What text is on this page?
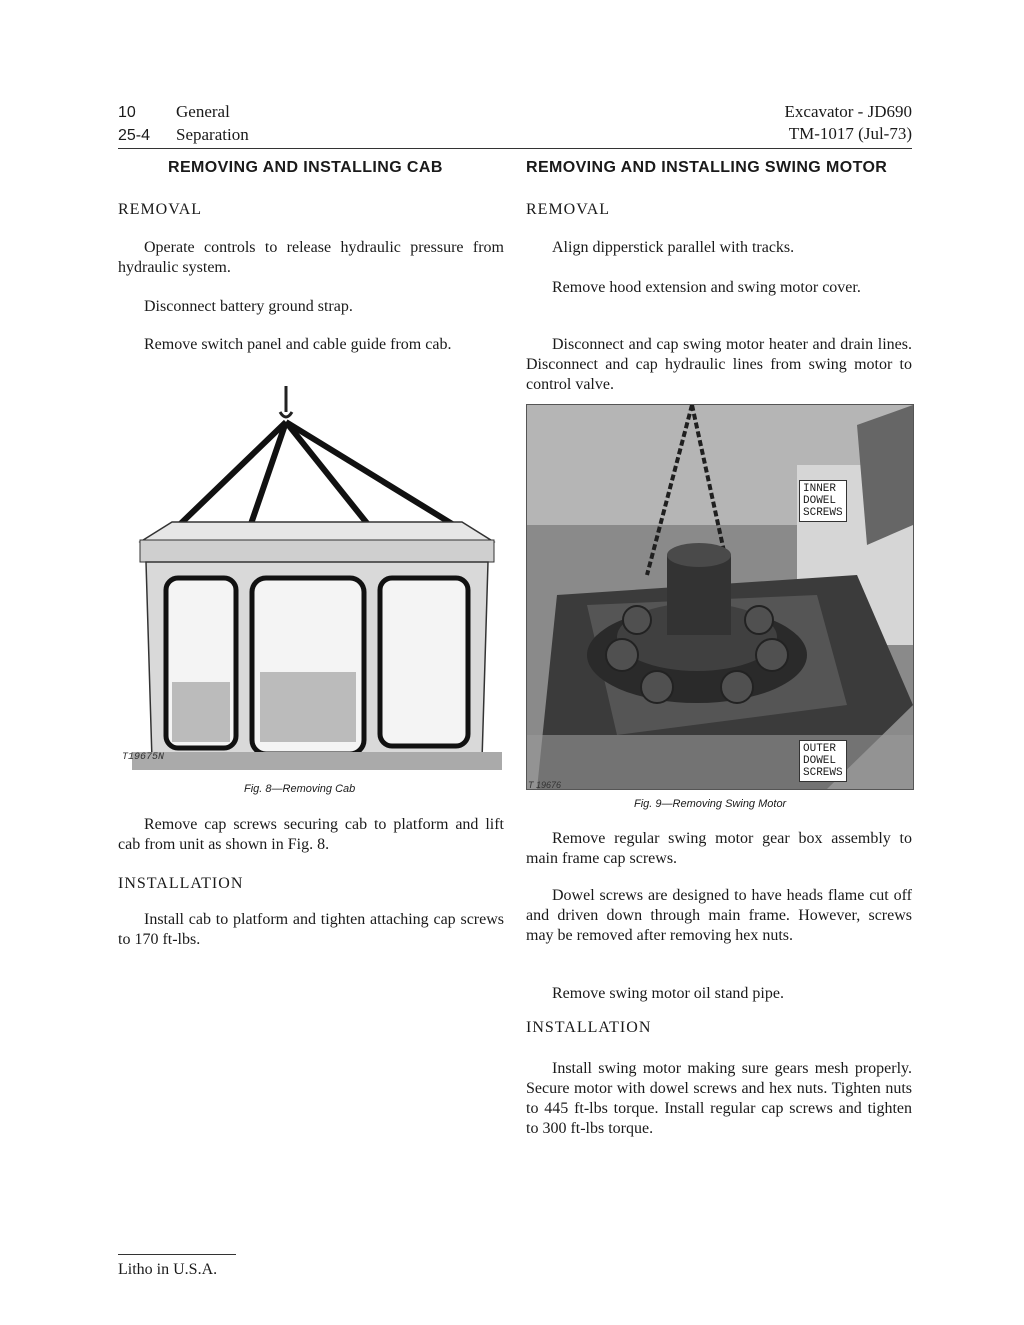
10 General
25-4 Separation
Excavator - JD690
TM-1017 (Jul-73)
REMOVING AND INSTALLING CAB
REMOVAL

Operate controls to release hydraulic pressure from hydraulic system.

Disconnect battery ground strap.

Remove switch panel and cable guide from cab.

T19675N
Fig. 8—Removing Cab

Remove cap screws securing cab to platform and lift cab from unit as shown in Fig. 8.

INSTALLATION

Install cab to platform and tighten attaching cap screws to 170 ft-lbs.

REMOVING AND INSTALLING SWING MOTOR
REMOVAL

Align dipperstick parallel with tracks.

Remove hood extension and swing motor cover.

Disconnect and cap swing motor heater and drain lines. Disconnect and cap hydraulic lines from swing motor to control valve.

INNER
DOWEL
SCREWS
OUTER
DOWEL
SCREWS
T 19676
Fig. 9—Removing Swing Motor

Remove regular swing motor gear box assembly to main frame cap screws.

Dowel screws are designed to have heads flame cut off and driven down through main frame. However, screws may be removed after removing hex nuts.

Remove swing motor oil stand pipe.

INSTALLATION

Install swing motor making sure gears mesh properly. Secure motor with dowel screws and hex nuts. Tighten nuts to 445 ft-lbs torque. Install regular cap screws and tighten to 300 ft-lbs torque.

Litho in U.S.A.
